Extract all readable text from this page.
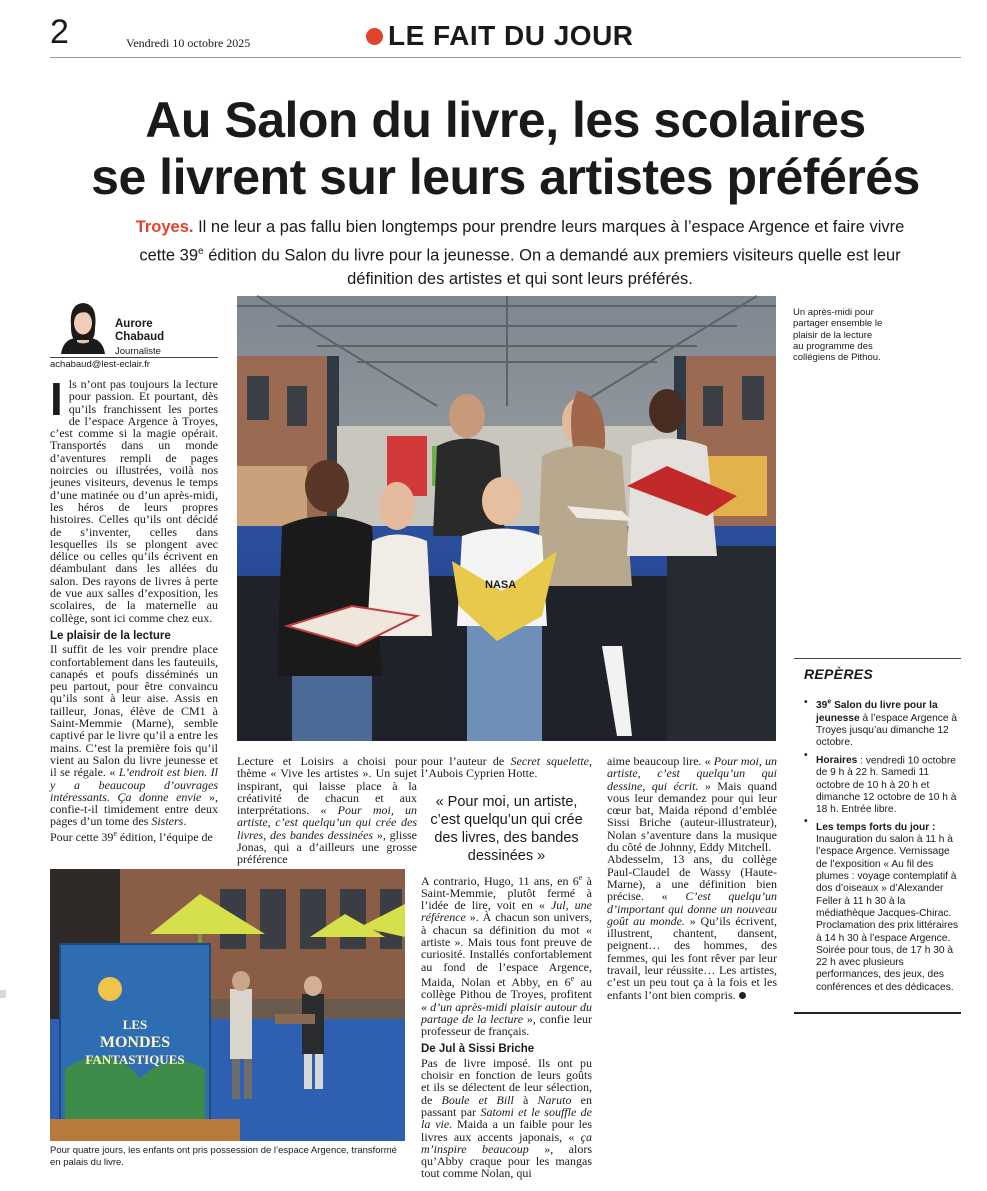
2	Vendredi 10 octobre 2025	LE FAIT DU JOUR
Au Salon du livre, les scolaires
se livrent sur leurs artistes préférés
Troyes. Il ne leur a pas fallu bien longtemps pour prendre leurs marques à l’espace Argence et faire vivre cette 39e édition du Salon du livre pour la jeunesse. On a demandé aux premiers visiteurs quelle est leur définition des artistes et qui sont leurs préférés.
Aurore
Chabaud
Journaliste
achabaud@lest-eclair.fr

Ils n’ont pas toujours la lecture pour passion. Et pourtant, dès qu’ils franchissent les portes de l’espace Argence à Troyes, c’est comme si la magie opérait. Transportés dans un monde d’aventures rempli de pages noircies ou illustrées, voilà nos jeunes visiteurs, devenus le temps d’une matinée ou d’un après-midi, les héros de leurs propres histoires. Celles qu’ils ont décidé de s’inventer, celles dans lesquelles ils se plongent avec délice ou celles qu’ils écrivent en déambulant dans les allées du salon. Des rayons de livres à perte de vue aux salles d’exposition, les scolaires, de la maternelle au collège, sont ici comme chez eux.

Le plaisir de la lecture

Il suffit de les voir prendre place confortablement dans les fauteuils, canapés et poufs disséminés un peu partout, pour être convaincu qu’ils sont à leur aise. Assis en tailleur, Jonas, élève de CM1 à Saint-Memmie (Marne), semble captivé par le livre qu’il a entre les mains. C’est la première fois qu’il vient au Salon du livre jeunesse et il se régale. « L’endroit est bien. Il y a beaucoup d’ouvrages intéressants. Ça donne envie », confie-t-il timidement entre deux pages d’un tome des Sisters.

Pour cette 39e édition, l’équipe de

NASA
Un après-midi pour partager ensemble le plaisir de la lecture au programme des collégiens de Pithou.
REPÈRES
• 39e Salon du livre pour la jeunesse à l’espace Argence à Troyes jusqu’au dimanche 12 octobre.
• Horaires : vendredi 10 octobre de 9 h à 22 h. Samedi 11 octobre de 10 h à 20 h et dimanche 12 octobre de 10 h à 18 h. Entrée libre.
• Les temps forts du jour : Inauguration du salon à 11 h à l’espace Argence. Vernissage de l’exposition « Au fil des plumes : voyage contemplatif à dos d’oiseaux » d’Alexander Feller à 11 h 30 à la médiathèque Jacques-Chirac. Proclamation des prix littéraires à 14 h 30 à l’espace Argence. Soirée pour tous, de 17 h 30 à 22 h avec plusieurs performances, des jeux, des conférences et des dédicaces.

Lecture et Loisirs a choisi pour thème « Vive les artistes ». Un sujet inspirant, qui laisse place à la créativité de chacun et aux interprétations. « Pour moi, un artiste, c’est quelqu’un qui crée des livres, des bandes dessinées », glisse Jonas, qui a d’ailleurs une grosse préférence

pour l’auteur de Secret squelette, l’Aubois Cyprien Hotte.

A contrario, Hugo, 11 ans, en 6e à Saint-Memmie, plutôt fermé à l’idée de lire, voit en « Jul, une référence ». À chacun son univers, à chacun sa définition du mot « artiste ». Mais tous font preuve de curiosité. Installés confortablement au fond de l’espace Argence, Maida, Nolan et Abby, en 6e au collège Pithou de Troyes, profitent « d’un après-midi plaisir autour du partage de la lecture », confie leur professeur de français.

De Jul à Sissi Briche

Pas de livre imposé. Ils ont pu choisir en fonction de leurs goûts et ils se délectent de leur sélection, de Boule et Bill à Naruto en passant par Satomi et le souffle de la vie. Maida a un faible pour les livres aux accents japonais, « ça m’inspire beaucoup », alors qu’Abby craque pour les mangas tout comme Nolan, qui

« Pour moi, un artiste, c’est quelqu’un qui crée des livres, des bandes dessinées »

aime beaucoup lire. « Pour moi, un artiste, c’est quelqu’un qui dessine, qui écrit. » Mais quand vous leur demandez pour qui leur cœur bat, Maida répond d’emblée Sissi Briche (auteur-illustrateur), Nolan s’aventure dans la musique du côté de Johnny, Eddy Mitchell.

Abdesselm, 13 ans, du collège Paul-Claudel de Wassy (Haute-Marne), a une définition bien précise. « C’est quelqu’un d’important qui donne un nouveau goût au monde. » Qu’ils écrivent, illustrent, chantent, dansent, peignent… des hommes, des femmes, qui les font rêver par leur travail, leur réussite… Les artistes, c’est un peu tout ça à la fois et les enfants l’ont bien compris.

LES
MONDES
FANTASTIQUES
Pour quatre jours, les enfants ont pris possession de l’espace Argence, transformé en palais du livre.
